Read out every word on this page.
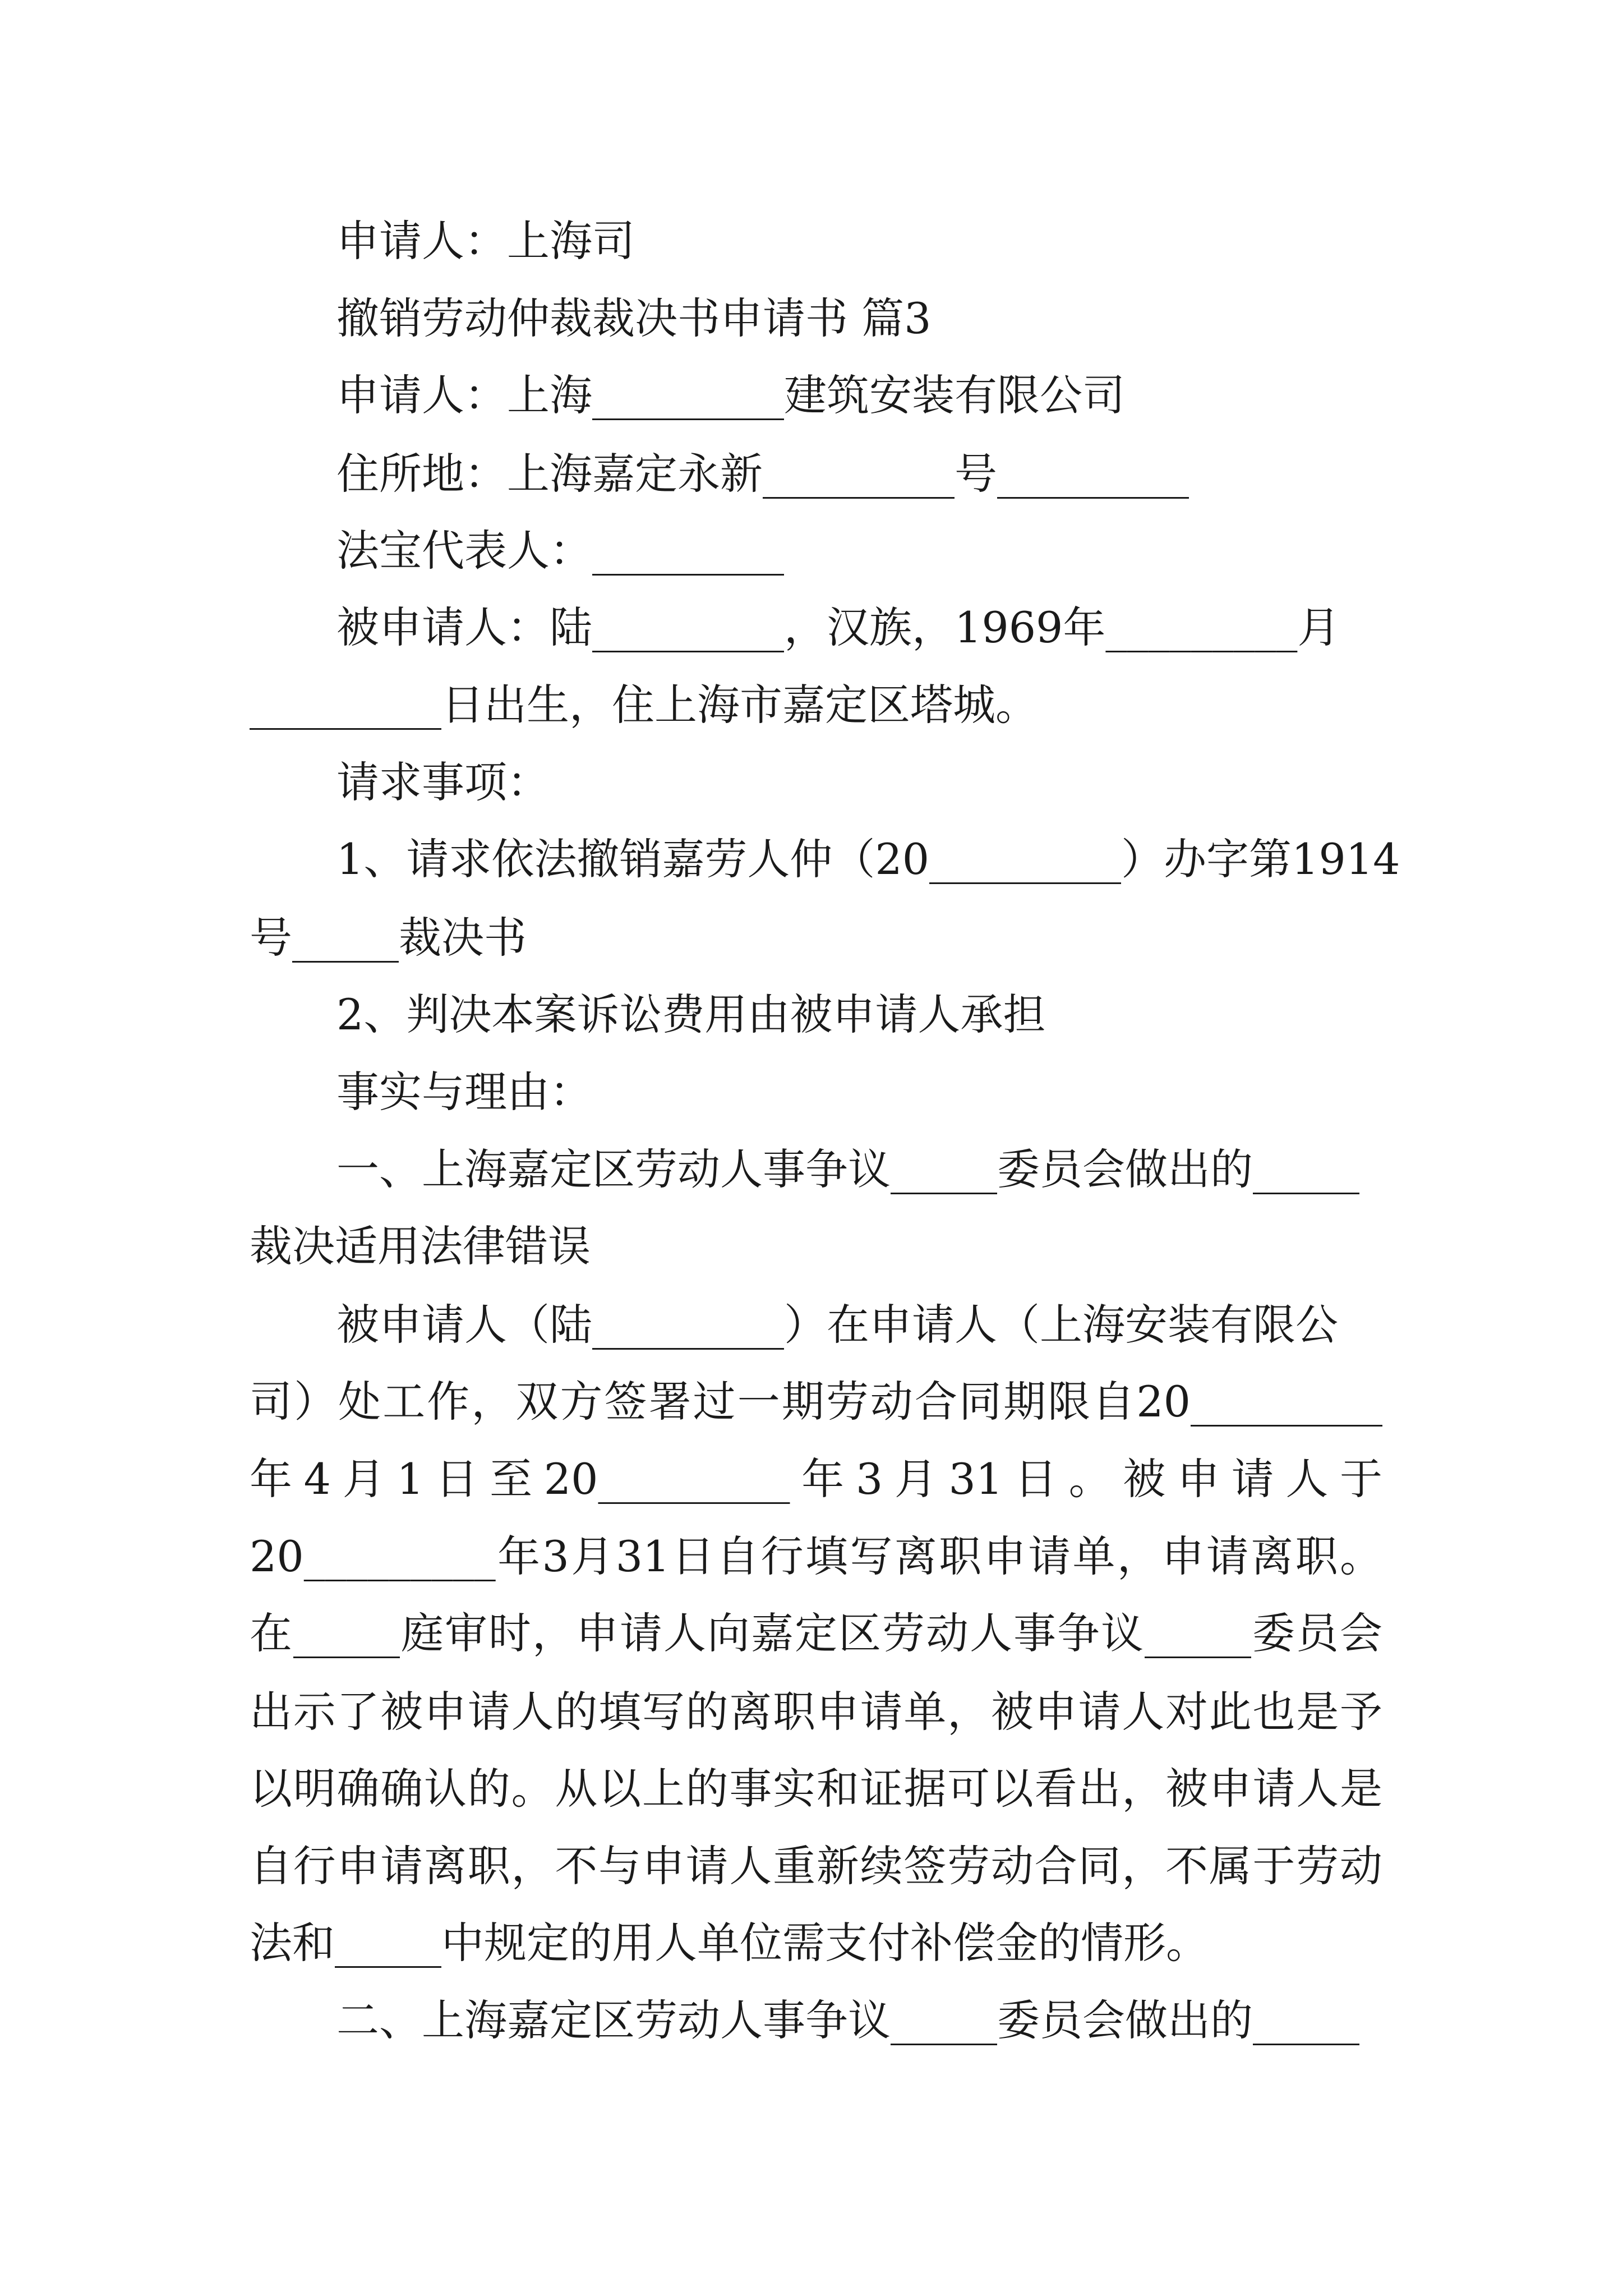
申请人：上海司
撤销劳动仲裁裁决书申请书 篇3
申请人：上海_________建筑安装有限公司
住所地：上海嘉定永新_________号_________
法宝代表人：_________
被申请人：陆_________，汉族，1969年_________月
_________日出生，住上海市嘉定区塔城。
请求事项：
1、请求依法撤销嘉劳人仲（20_________）办字第1914
号_____裁决书
2、判决本案诉讼费用由被申请人承担
事实与理由：
一、上海嘉定区劳动人事争议_____委员会做出的_____
裁决适用法律错误
被申请人（陆_________）在申请人（上海安装有限公
司）处工作，双方签署过一期劳动合同期限自20_________
年4月1日至20_________年3月31日。被申请人于
20_________年3月31日自行填写离职申请单，申请离职。
在_____庭审时，申请人向嘉定区劳动人事争议_____委员会
出示了被申请人的填写的离职申请单，被申请人对此也是予
以明确确认的。从以上的事实和证据可以看出，被申请人是
自行申请离职，不与申请人重新续签劳动合同，不属于劳动
法和_____中规定的用人单位需支付补偿金的情形。
二、上海嘉定区劳动人事争议_____委员会做出的_____
